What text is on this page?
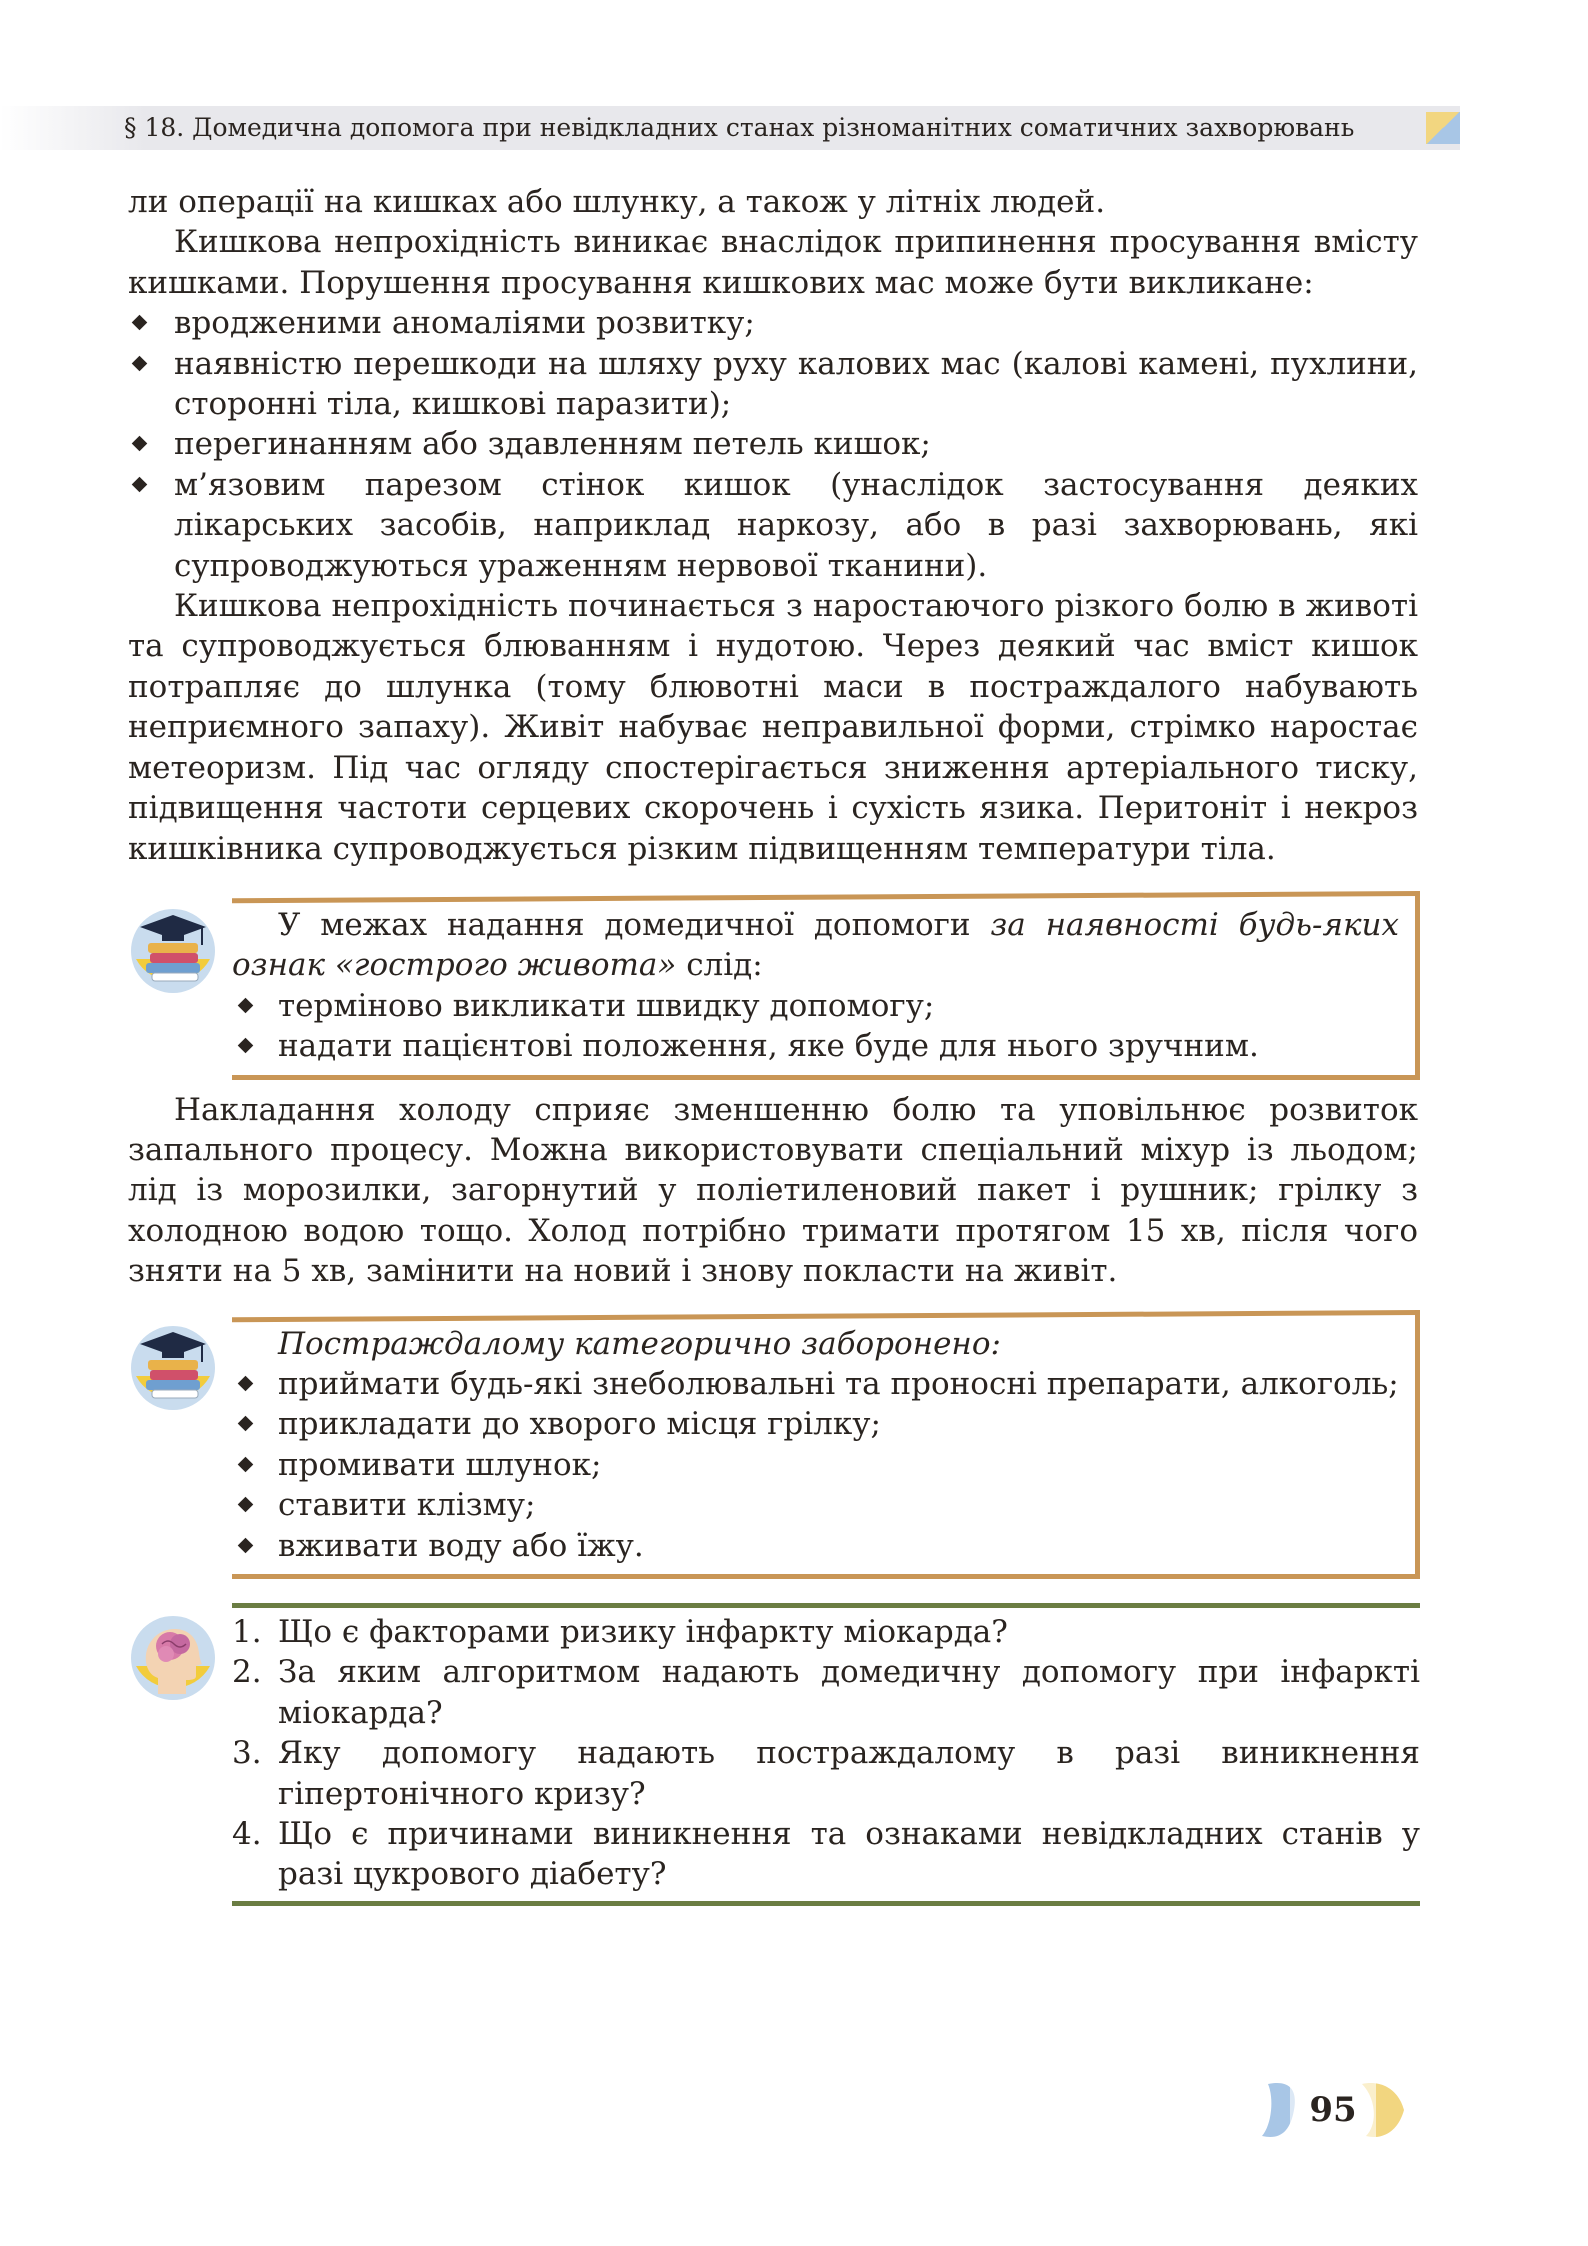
§ 18. Домедична допомога при невідкладних станах різноманітних соматичних захворювань

ли операції на кишках або шлунку, а також у літніх людей.

Кишкова непрохідність виникає внаслідок припинення просування вмісту кишками. Порушення просування кишкових мас може бути викликане:

вродженими аномаліями розвитку;
наявністю перешкоди на шляху руху калових мас (калові камені, пухлини, сторонні тіла, кишкові паразити);
перегинанням або здавленням петель кишок;
м’язовим парезом стінок кишок (унаслідок застосування деяких лікарських засобів, наприклад наркозу, або в разі захворювань, які супроводжуються ураженням нервової тканини).

Кишкова непрохідність починається з наростаючого різкого болю в животі та супроводжується блюванням і нудотою. Через деякий час вміст кишок потрапляє до шлунка (тому блювотні маси в постраждалого набувають неприємного запаху). Живіт набуває неправильної форми, стрімко наростає метеоризм. Під час огляду спостерігається зниження артеріального тиску, підвищення частоти серцевих скорочень і сухість язика. Перитоніт і некроз кишківника супроводжується різким підвищенням температури тіла.

У межах надання домедичної допомоги за наявності будь-яких ознак «гострого живота» слід:

терміново викликати швидку допомогу;
надати пацієнтові положення, яке буде для нього зручним.

Накладання холоду сприяє зменшенню болю та уповільнює розвиток запального процесу. Можна використовувати спеціальний міхур із льодом; лід із морозилки, загорнутий у поліетиленовий пакет і рушник; грілку з холодною водою тощо. Холод потрібно тримати протягом 15 хв, після чого зняти на 5 хв, замінити на новий і знову покласти на живіт.

Постраждалому категорично заборонено:

приймати будь-які знеболювальні та проносні препарати, алкоголь;
прикладати до хворого місця грілку;
промивати шлунок;
ставити клізму;
вживати воду або їжу.
1. Що є факторами ризику інфаркту міокарда?
2. За яким алгоритмом надають домедичну допомогу при інфаркті міокарда?
3. Яку допомогу надають постраждалому в разі виникнення гіпертонічного кризу?
4. Що є причинами виникнення та ознаками невідкладних станів у разі цукрового діабету?
95
